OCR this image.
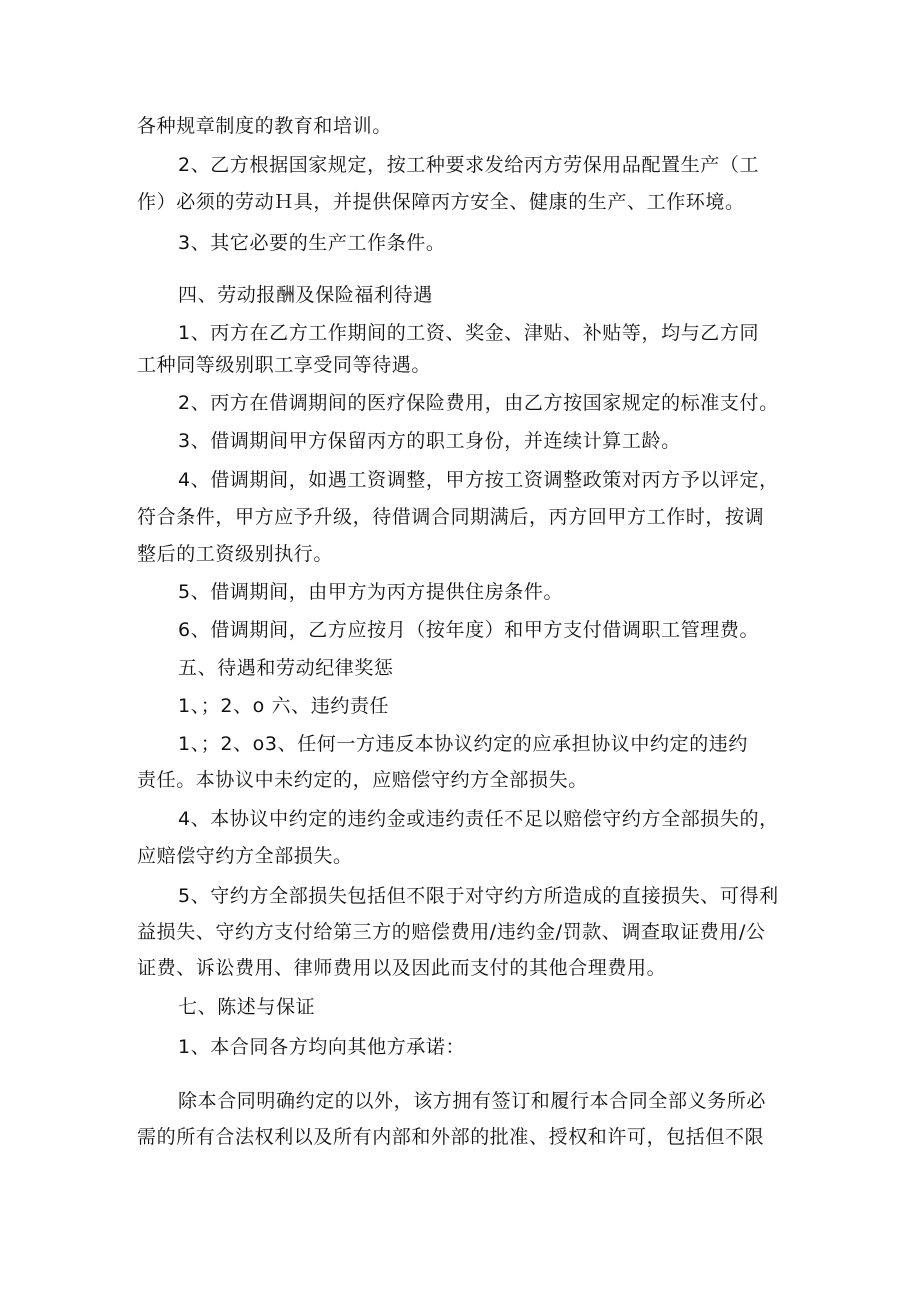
各种规章制度的教育和培训。
2、乙方根据国家规定，按工种要求发给丙方劳保用品配置生产（工
作）必须的劳动Ｈ具，并提供保障丙方安全、健康的生产、工作环境。
3、其它必要的生产工作条件。
四、劳动报酬及保险福利待遇
1、丙方在乙方工作期间的工资、奖金、津贴、补贴等，均与乙方同
工种同等级别职工享受同等待遇。
2、丙方在借调期间的医疗保险费用，由乙方按国家规定的标准支付。
3、借调期间甲方保留丙方的职工身份，并连续计算工龄。
4、借调期间，如遇工资调整，甲方按工资调整政策对丙方予以评定，
符合条件，甲方应予升级，待借调合同期满后，丙方回甲方工作时，按调
整后的工资级别执行。
5、借调期间，由甲方为丙方提供住房条件。
6、借调期间，乙方应按月（按年度）和甲方支付借调职工管理费。
五、待遇和劳动纪律奖惩
1、；2、o 六、违约责任
1、；2、o3、任何一方违反本协议约定的应承担协议中约定的违约
责任。本协议中未约定的，应赔偿守约方全部损失。
4、本协议中约定的违约金或违约责任不足以赔偿守约方全部损失的，
应赔偿守约方全部损失。
5、守约方全部损失包括但不限于对守约方所造成的直接损失、可得利
益损失、守约方支付给第三方的赔偿费用/违约金/罚款、调查取证费用/公
证费、诉讼费用、律师费用以及因此而支付的其他合理费用。
七、陈述与保证
1、本合同各方均向其他方承诺：
除本合同明确约定的以外，该方拥有签订和履行本合同全部义务所必
需的所有合法权利以及所有内部和外部的批准、授权和许可，包括但不限
